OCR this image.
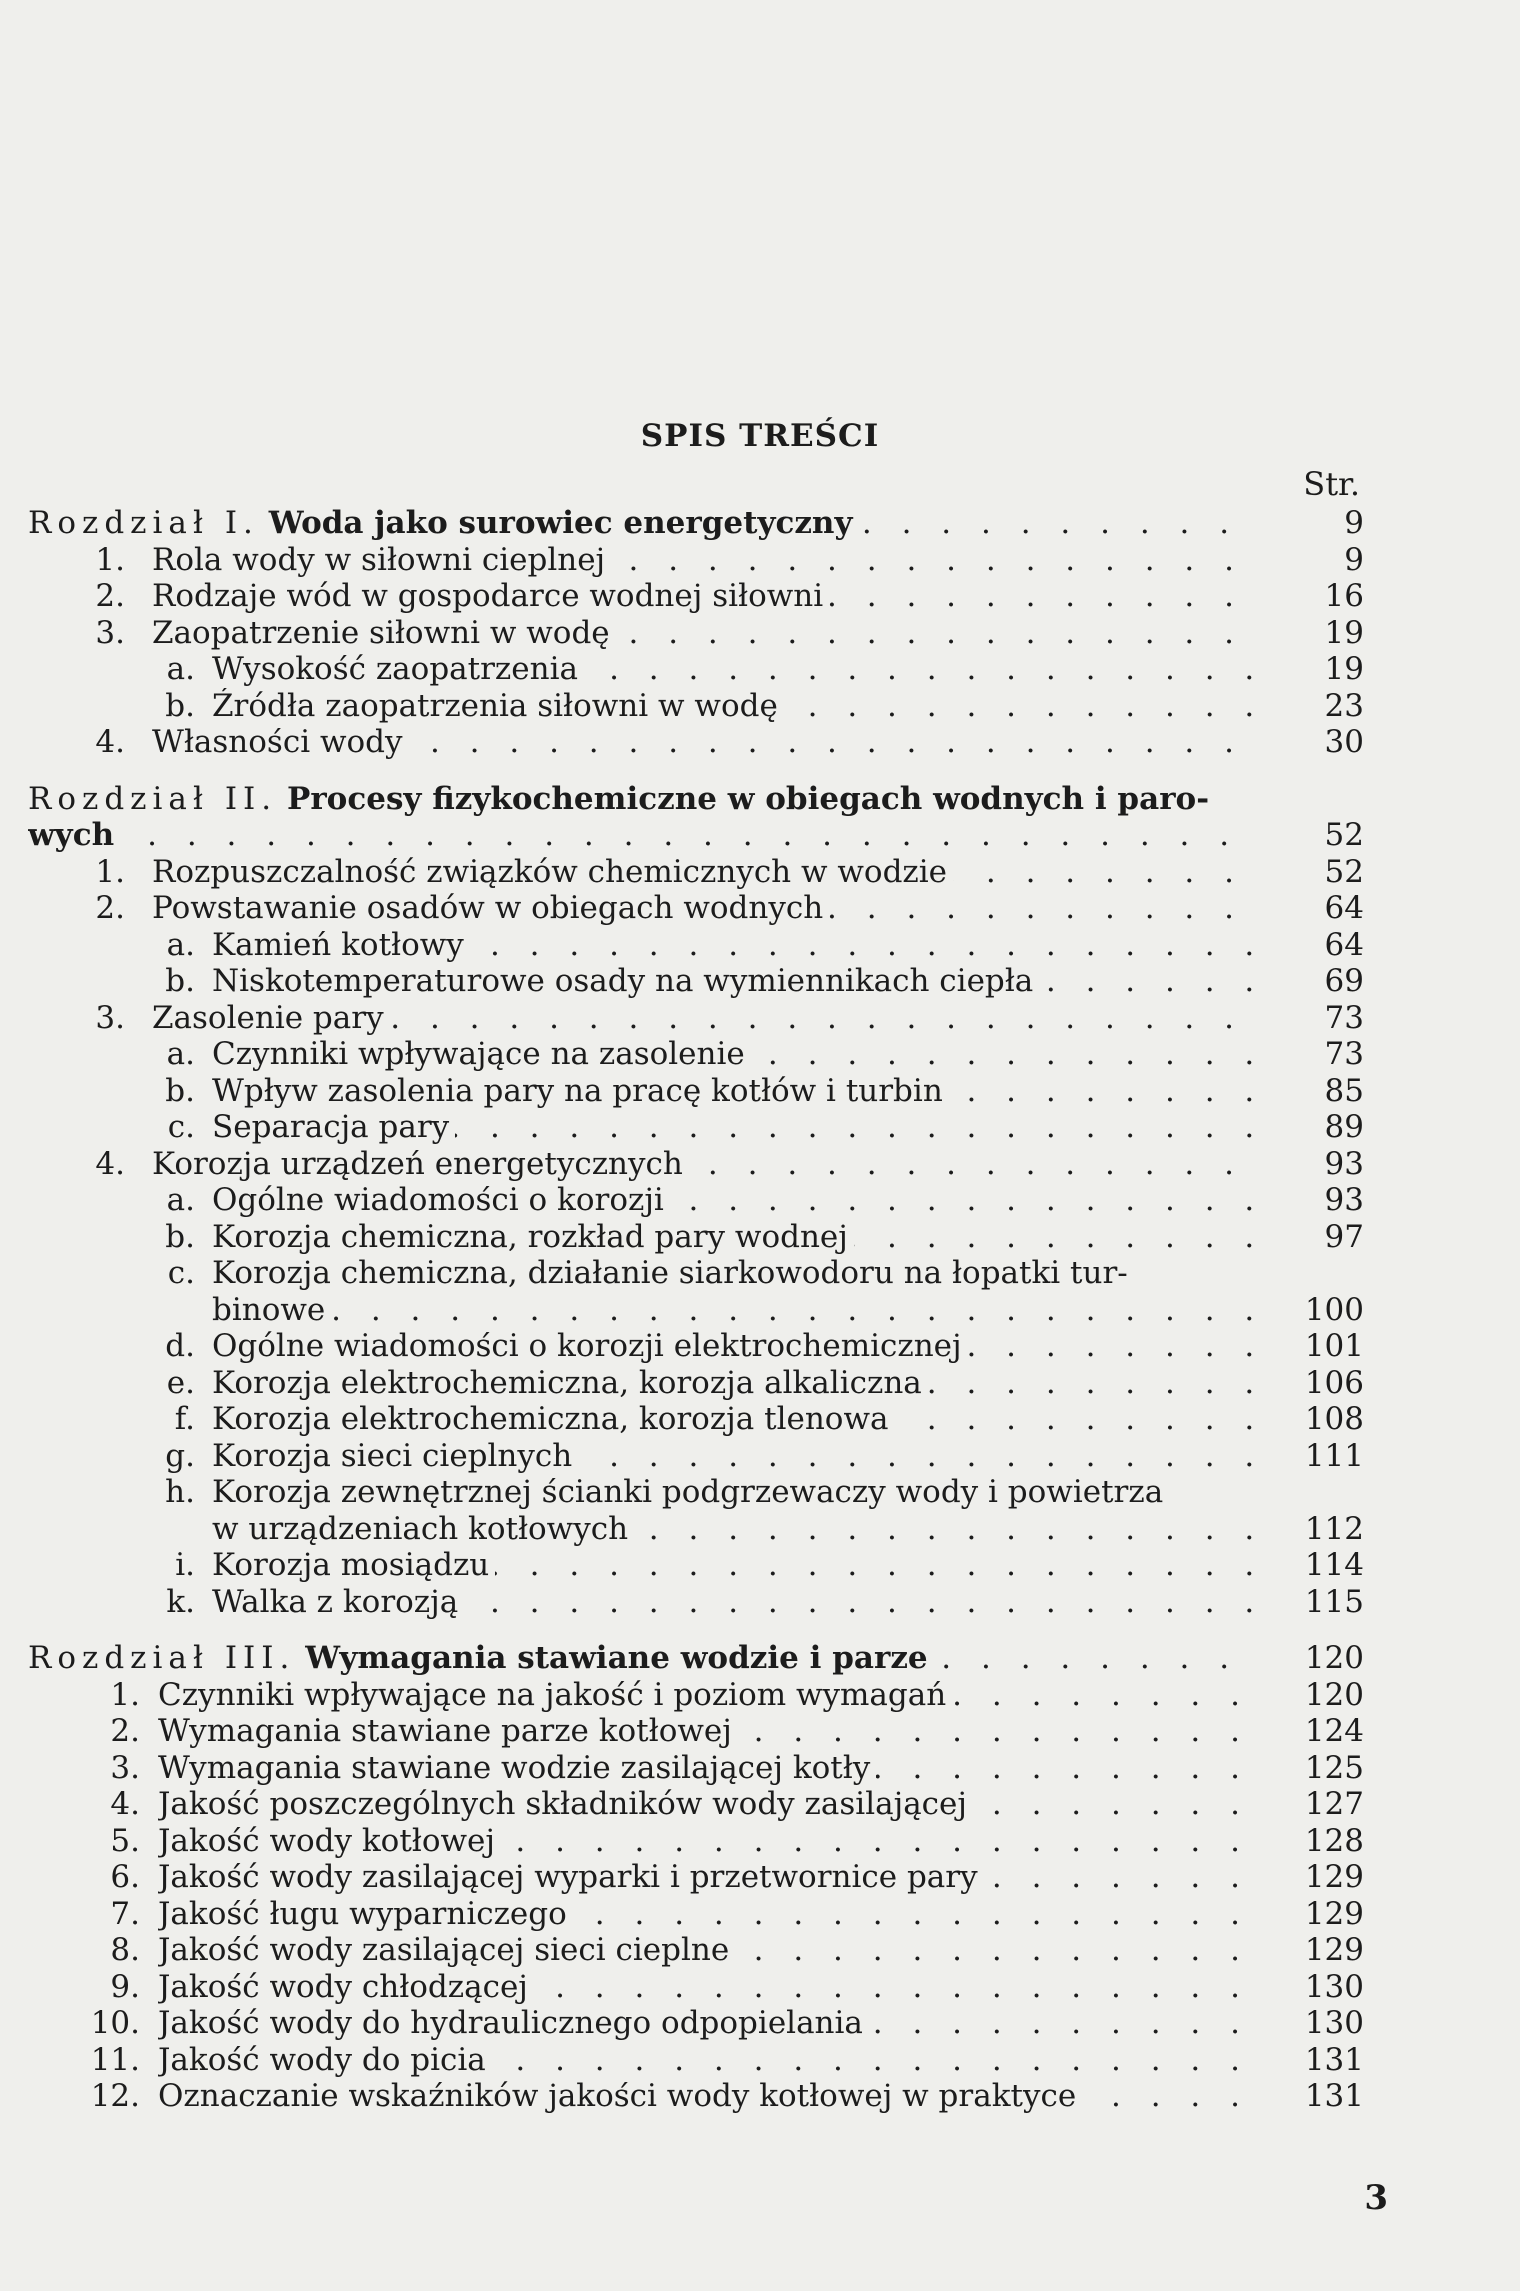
SPIS TREŚCI
Str.
Rozdział I. Woda jako surowiec energetyczny . . .	9
1. Rola wody w siłowni cieplnej . . .	9
2. Rodzaje wód w gospodarce wodnej siłowni . . .	16
3. Zaopatrzenie siłowni w wodę . . .	19
a. Wysokość zaopatrzenia . . .	19
b. Źródła zaopatrzenia siłowni w wodę . . .	23
4. Własności wody . . .	30
Rozdział II. Procesy fizykochemiczne w obiegach wodnych i paro-
wych . . .	52
1. Rozpuszczalność związków chemicznych w wodzie . . .	52
2. Powstawanie osadów w obiegach wodnych . . .	64
a. Kamień kotłowy . . .	64
b. Niskotemperaturowe osady na wymiennikach ciepła . . .	69
3. Zasolenie pary . . .	73
a. Czynniki wpływające na zasolenie . . .	73
b. Wpływ zasolenia pary na pracę kotłów i turbin . . .	85
c. Separacja pary . . .	89
4. Korozja urządzeń energetycznych . . .	93
a. Ogólne wiadomości o korozji . . .	93
b. Korozja chemiczna, rozkład pary wodnej . . .	97
c. Korozja chemiczna, działanie siarkowodoru na łopatki tur-
binowe . . .	100
d. Ogólne wiadomości o korozji elektrochemicznej . . .	101
e. Korozja elektrochemiczna, korozja alkaliczna . . .	106
f. Korozja elektrochemiczna, korozja tlenowa . . .	108
g. Korozja sieci cieplnych . . .	111
h. Korozja zewnętrznej ścianki podgrzewaczy wody i powietrza
w urządzeniach kotłowych . . .	112
i. Korozja mosiądzu . . .	114
k. Walka z korozją . . .	115
Rozdział III. Wymagania stawiane wodzie i parze . . .	120
1. Czynniki wpływające na jakość i poziom wymagań . . .	120
2. Wymagania stawiane parze kotłowej . . .	124
3. Wymagania stawiane wodzie zasilającej kotły . . .	125
4. Jakość poszczególnych składników wody zasilającej . . .	127
5. Jakość wody kotłowej . . .	128
6. Jakość wody zasilającej wyparki i przetwornice pary . . .	129
7. Jakość ługu wyparniczego . . .	129
8. Jakość wody zasilającej sieci cieplne . . .	129
9. Jakość wody chłodzącej . . .	130
10. Jakość wody do hydraulicznego odpopielania . . .	130
11. Jakość wody do picia . . .	131
12. Oznaczanie wskaźników jakości wody kotłowej w praktyce . . .	131
3
